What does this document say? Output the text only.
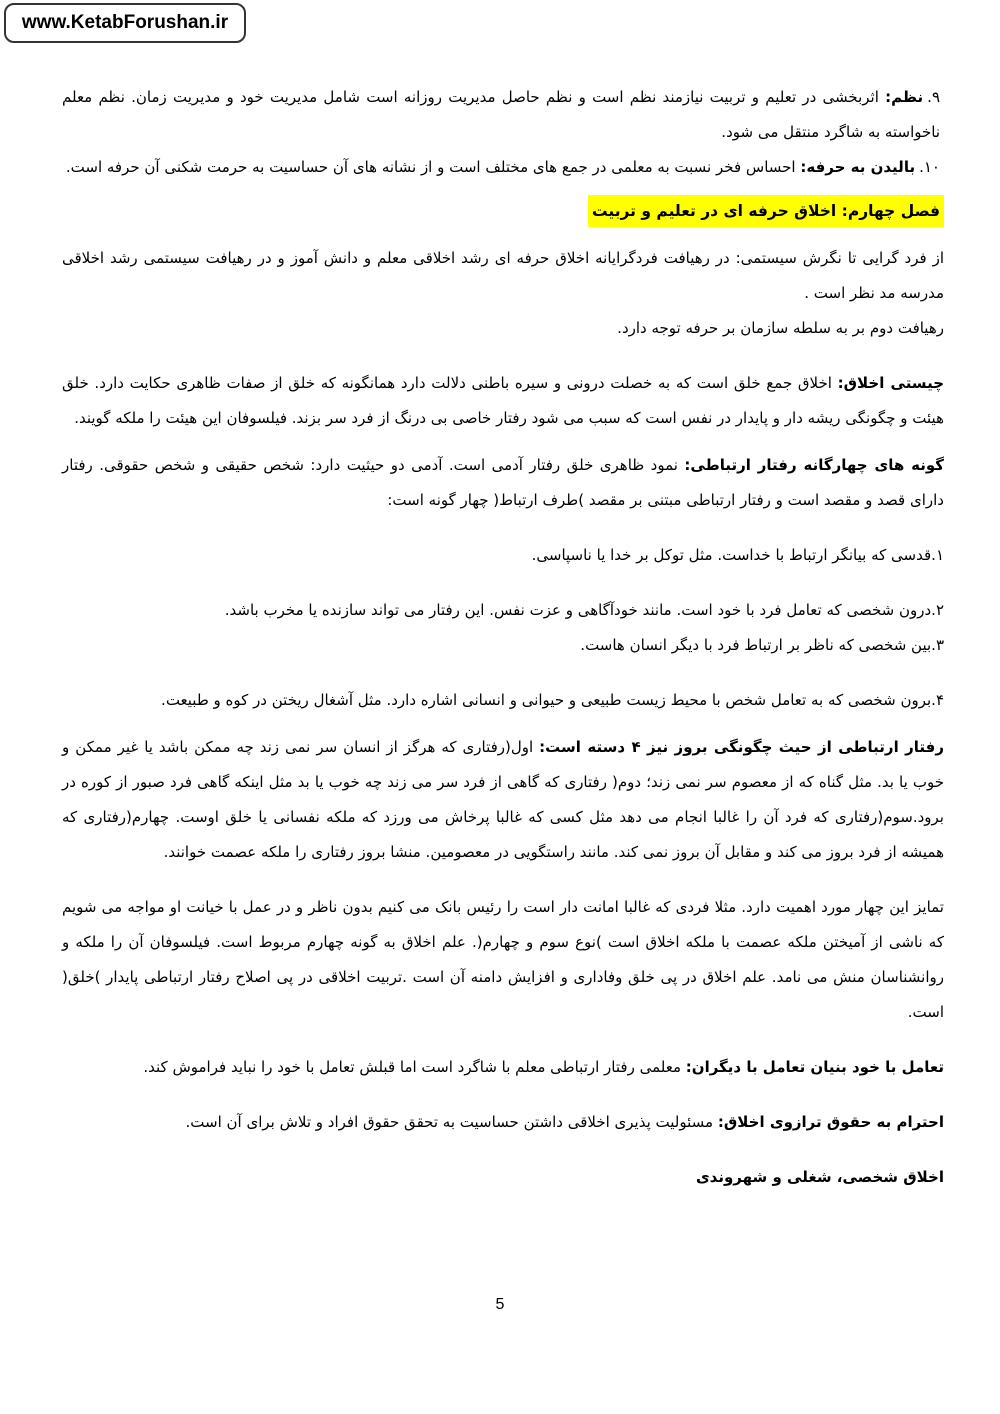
www.KetabForushan.ir

۹.نظم: اثربخشی در تعلیم و تربیت نیازمند نظم است و نظم حاصل مدیریت روزانه است شامل مدیریت خود و مدیریت زمان. نظم معلم ناخواسته به شاگرد منتقل می شود.

۱۰.بالیدن به حرفه: احساس فخر نسبت به معلمی در جمع های مختلف است و از نشانه های آن حساسیت به حرمت شکنی آن حرفه است.

فصل چهارم: اخلاق حرفه ای در تعلیم و تربیت

از فرد گرایی تا نگرش سیستمی: در رهیافت فردگرایانه اخلاق حرفه ای رشد اخلاقی معلم و دانش آموز و در رهیافت سیستمی رشد اخلاقی مدرسه مد نظر است .

رهیافت دوم بر به سلطه سازمان بر حرفه توجه دارد.

چیستی اخلاق: اخلاق جمع خلق است که به خصلت درونی و سیره باطنی دلالت دارد همانگونه که خلق از صفات ظاهری حکایت دارد. خلق هیئت و چگونگی ریشه دار و پایدار در نفس است که سبب می شود رفتار خاصی بی درنگ از فرد سر بزند. فیلسوفان این هیئت را ملکه گویند.

گونه های چهارگانه رفتار ارتباطی: نمود ظاهری خلق رفتار آدمی است. آدمی دو حیثیت دارد: شخص حقیقی و شخص حقوقی. رفتار دارای قصد و مقصد است و رفتار ارتباطی مبتنی بر مقصد )طرف ارتباط( چهار گونه است:

۱.قدسی که بیانگر ارتباط با خداست. مثل توکل بر خدا یا ناسپاسی.

۲.درون شخصی که تعامل فرد با خود است. مانند خودآگاهی و عزت نفس. این رفتار می تواند سازنده یا مخرب باشد.

۳.بین شخصی که ناظر بر ارتباط فرد با دیگر انسان هاست.

۴.برون شخصی که به تعامل شخص با محیط زیست طبیعی و حیوانی و انسانی اشاره دارد. مثل آشغال ریختن در کوه و طبیعت.

رفتار ارتباطی از حیث چگونگی بروز نیز ۴ دسته است: اول(رفتاری که هرگز از انسان سر نمی زند چه ممکن باشد یا غیر ممکن و خوب یا بد. مثل گناه که از معصوم سر نمی زند؛ دوم( رفتاری که گاهی از فرد سر می زند چه خوب یا بد مثل اینکه گاهی فرد صبور از کوره در برود.سوم(رفتاری که فرد آن را غالبا انجام می دهد مثل کسی که غالبا پرخاش می ورزد که ملکه نفسانی یا خلق اوست. چهارم(رفتاری که همیشه از فرد بروز می کند و مقابل آن بروز نمی کند. مانند راستگویی در معصومین. منشا بروز رفتاری را ملکه عصمت خوانند.

تمایز این چهار مورد اهمیت دارد. مثلا فردی که غالبا امانت دار است را رئیس بانک می کنیم بدون ناظر و در عمل با خیانت او مواجه می شویم که ناشی از آمیختن ملکه عصمت با ملکه اخلاق است )نوع سوم و چهارم(. علم اخلاق به گونه چهارم مربوط است. فیلسوفان آن را ملکه و روانشناسان منش می نامد. علم اخلاق در پی خلق وفاداری و افزایش دامنه آن است .تربیت اخلاقی در پی اصلاح رفتار ارتباطی پایدار )خلق( است.

تعامل با خود بنیان تعامل با دیگران: معلمی رفتار ارتباطی معلم با شاگرد است اما قبلش تعامل با خود را نباید فراموش کند.

احترام به حقوق ترازوی اخلاق: مسئولیت پذیری اخلاقی داشتن حساسیت به تحقق حقوق افراد و تلاش برای آن است.

اخلاق شخصی، شغلی و شهروندی

5
